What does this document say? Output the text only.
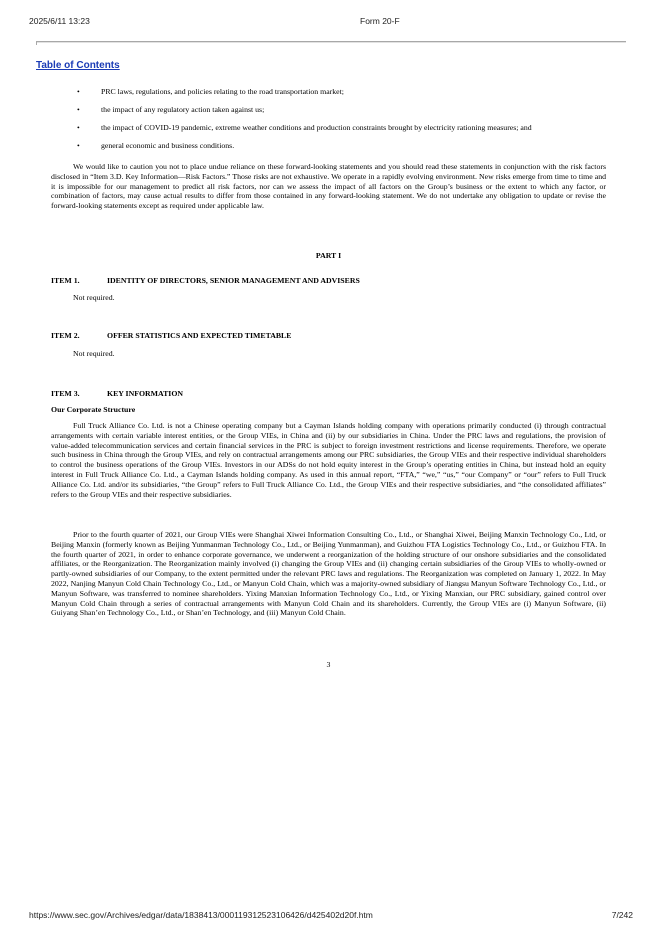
2025/6/11 13:23	Form 20-F
Table of Contents
•	PRC laws, regulations, and policies relating to the road transportation market;
•	the impact of any regulatory action taken against us;
•	the impact of COVID-19 pandemic, extreme weather conditions and production constraints brought by electricity rationing measures; and
•	general economic and business conditions.

We would like to caution you not to place undue reliance on these forward-looking statements and you should read these statements in conjunction with the risk factors disclosed in “Item 3.D. Key Information—Risk Factors.” Those risks are not exhaustive. We operate in a rapidly evolving environment. New risks emerge from time to time and it is impossible for our management to predict all risk factors, nor can we assess the impact of all factors on the Group’s business or the extent to which any factor, or combination of factors, may cause actual results to differ from those contained in any forward-looking statement. We do not undertake any obligation to update or revise the forward-looking statements except as required under applicable law.

PART I
ITEM 1.	IDENTITY OF DIRECTORS, SENIOR MANAGEMENT AND ADVISERS
Not required.
ITEM 2.	OFFER STATISTICS AND EXPECTED TIMETABLE
Not required.
ITEM 3.	KEY INFORMATION
Our Corporate Structure

Full Truck Alliance Co. Ltd. is not a Chinese operating company but a Cayman Islands holding company with operations primarily conducted (i) through contractual arrangements with certain variable interest entities, or the Group VIEs, in China and (ii) by our subsidiaries in China. Under the PRC laws and regulations, the provision of value-added telecommunication services and certain financial services in the PRC is subject to foreign investment restrictions and license requirements. Therefore, we operate such business in China through the Group VIEs, and rely on contractual arrangements among our PRC subsidiaries, the Group VIEs and their respective individual shareholders to control the business operations of the Group VIEs. Investors in our ADSs do not hold equity interest in the Group’s operating entities in China, but instead hold an equity interest in Full Truck Alliance Co. Ltd., a Cayman Islands holding company. As used in this annual report, “FTA,” “we,” “us,” “our Company” or “our” refers to Full Truck Alliance Co. Ltd. and/or its subsidiaries, “the Group” refers to Full Truck Alliance Co. Ltd., the Group VIEs and their respective subsidiaries, and “the consolidated affiliates” refers to the Group VIEs and their respective subsidiaries.

Prior to the fourth quarter of 2021, our Group VIEs were Shanghai Xiwei Information Consulting Co., Ltd., or Shanghai Xiwei, Beijing Manxin Technology Co., Ltd, or Beijing Manxin (formerly known as Beijing Yunmanman Technology Co., Ltd., or Beijing Yunmanman), and Guizhou FTA Logistics Technology Co., Ltd., or Guizhou FTA. In the fourth quarter of 2021, in order to enhance corporate governance, we underwent a reorganization of the holding structure of our onshore subsidiaries and the consolidated affiliates, or the Reorganization. The Reorganization mainly involved (i) changing the Group VIEs and (ii) changing certain subsidiaries of the Group VIEs to wholly-owned or partly-owned subsidiaries of our Company, to the extent permitted under the relevant PRC laws and regulations. The Reorganization was completed on January 1, 2022. In May 2022, Nanjing Manyun Cold Chain Technology Co., Ltd., or Manyun Cold Chain, which was a majority-owned subsidiary of Jiangsu Manyun Software Technology Co., Ltd., or Manyun Software, was transferred to nominee shareholders. Yixing Manxian Information Technology Co., Ltd., or Yixing Manxian, our PRC subsidiary, gained control over Manyun Cold Chain through a series of contractual arrangements with Manyun Cold Chain and its shareholders. Currently, the Group VIEs are (i) Manyun Software, (ii) Guiyang Shan’en Technology Co., Ltd., or Shan’en Technology, and (iii) Manyun Cold Chain.

3
https://www.sec.gov/Archives/edgar/data/1838413/000119312523106426/d425402d20f.htm	7/242
